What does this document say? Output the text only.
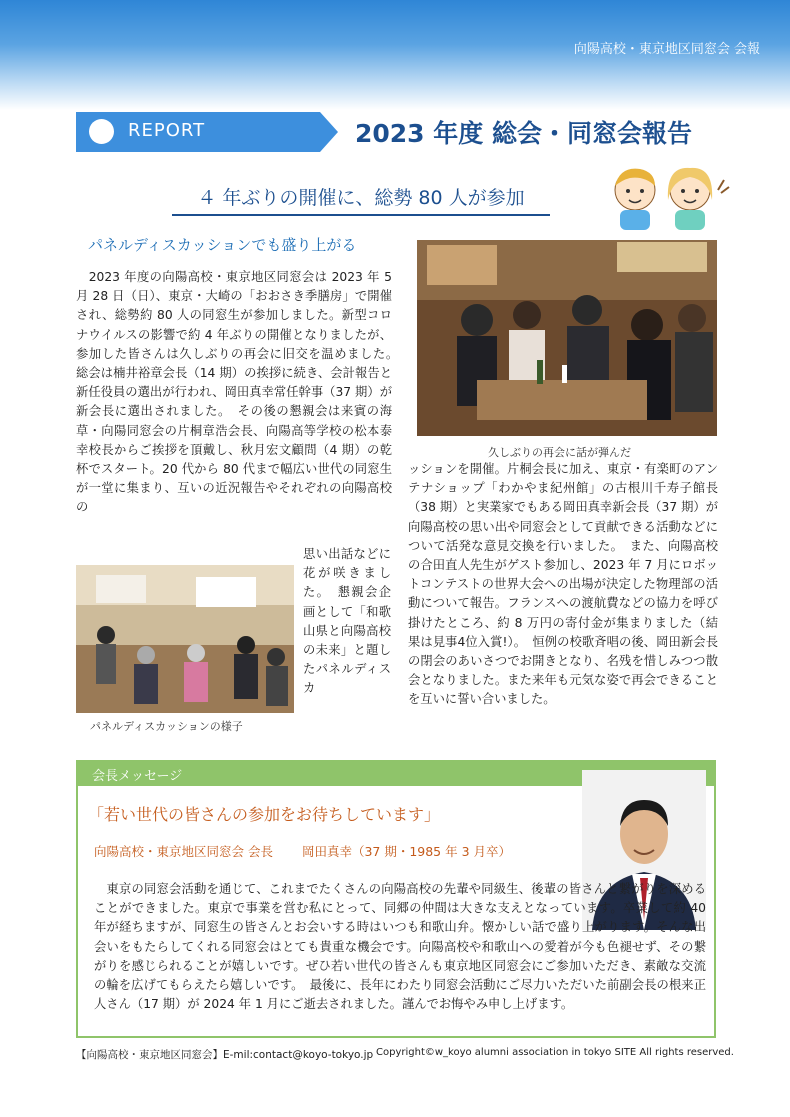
向陽高校・東京地区同窓会 会報
REPORT	2023 年度 総会・同窓会報告
４ 年ぶりの開催に、総勢 80 人が参加
パネルディスカッションでも盛り上がる
　2023 年度の向陽高校・東京地区同窓会は 2023 年 5 月 28 日（日）、東京・大崎の「おおさき季膳房」で開催され、総勢約 80 人の同窓生が参加しました。新型コロナウイルスの影響で約 4 年ぶりの開催となりましたが、参加した皆さんは久しぶりの再会に旧交を温めました。　総会は楠井裕章会長（14 期）の挨拶に続き、会計報告と新任役員の選出が行われ、岡田真幸常任幹事（37 期）が新会長に選出されました。　その後の懇親会は来賓の海草・向陽同窓会の片桐章浩会長、向陽高等学校の松本泰幸校長からご挨拶を頂戴し、秋月宏文顧問（4 期）の乾杯でスタート。20 代から 80 代まで幅広い世代の同窓生が一堂に集まり、互いの近況報告やそれぞれの向陽高校の
久しぶりの再会に話が弾んだ
パネルディスカッションの様子
思い出話などに花が咲きました。　懇親会企画として「和歌山県と向陽高校の未来」と題したパネルディスカ
ッションを開催。片桐会長に加え、東京・有楽町のアンテナショップ「わかやま紀州館」の古根川千寿子館長（38 期）と実業家でもある岡田真幸新会長（37 期）が向陽高校の思い出や同窓会として貢献できる活動などについて活発な意見交換を行いました。　また、向陽高校の合田直人先生がゲスト参加し、2023 年 7 月にロボットコンテストの世界大会への出場が決定した物理部の活動について報告。フランスへの渡航費などの協力を呼び掛けたところ、約 8 万円の寄付金が集まりました（結果は見事4位入賞!）。　恒例の校歌斉唱の後、岡田新会長の閉会のあいさつでお開きとなり、名残を惜しみつつ散会となりました。また来年も元気な姿で再会できることを互いに誓い合いました。
会長メッセージ
「若い世代の皆さんの参加をお待ちしています」
向陽高校・東京地区同窓会 会長　　 岡田真幸（37 期・1985 年 3 月卒）
　東京の同窓会活動を通じて、これまでたくさんの向陽高校の先輩や同級生、後輩の皆さんと繋がりを深めることができました。東京で事業を営む私にとって、同郷の仲間は大きな支えとなっています。卒業して約 40 年が経ちますが、同窓生の皆さんとお会いする時はいつも和歌山弁。懐かしい話で盛り上がります。そんな出会いをもたらしてくれる同窓会はとても貴重な機会です。向陽高校や和歌山への愛着が今も色褪せず、その繋がりを感じられることが嬉しいです。ぜひ若い世代の皆さんも東京地区同窓会にご参加いただき、素敵な交流の輪を広げてもらえたら嬉しいです。　最後に、長年にわたり同窓会活動にご尽力いただいた前副会長の根来正人さん（17 期）が 2024 年 1 月にご逝去されました。謹んでお悔やみ申し上げます。
【向陽高校・東京地区同窓会】E-mil:contact@koyo-tokyo.jp Copyright©w_koyo alumni association in tokyo SITE All rights reserved.
